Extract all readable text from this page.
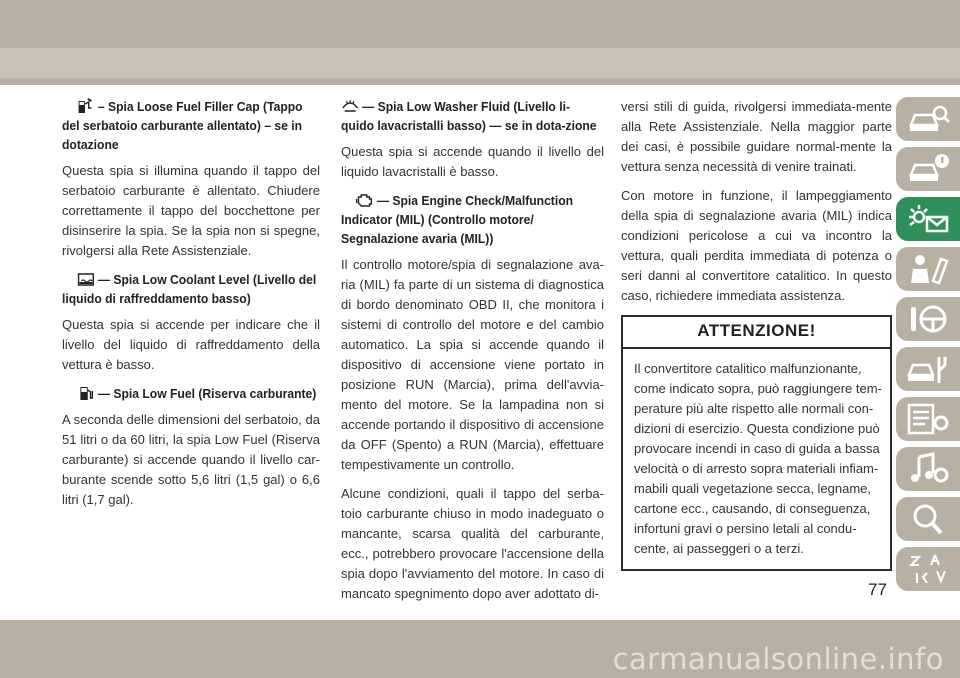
– Spia Loose Fuel Filler Cap (Tappo del serbatoio carburante allentato) – se in dotazione
Questa spia si illumina quando il tappo del serbatoio carburante è allentato. Chiudere correttamente il tappo del bocchettone per disinserire la spia. Se la spia non si spegne, rivolgersi alla Rete Assistenziale.
— Spia Low Coolant Level (Livello del liquido di raffreddamento basso)
Questa spia si accende per indicare che il livello del liquido di raffreddamento della vettura è basso.
— Spia Low Fuel (Riserva carburante)
A seconda delle dimensioni del serbatoio, da 51 litri o da 60 litri, la spia Low Fuel (Riserva carburante) si accende quando il livello car-burante scende sotto 5,6 litri (1,5 gal) o 6,6 litri (1,7 gal).
— Spia Low Washer Fluid (Livello li-quido lavacristalli basso) — se in dota-zione
Questa spia si accende quando il livello del liquido lavacristalli è basso.
— Spia Engine Check/Malfunction Indicator (MIL) (Controllo motore/ Segnalazione avaria (MIL))
Il controllo motore/spia di segnalazione ava-ria (MIL) fa parte di un sistema di diagnostica di bordo denominato OBD II, che monitora i sistemi di controllo del motore e del cambio automatico. La spia si accende quando il dispositivo di accensione viene portato in posizione RUN (Marcia), prima dell'avvia-mento del motore. Se la lampadina non si accende portando il dispositivo di accensione da OFF (Spento) a RUN (Marcia), effettuare tempestivamente un controllo.
Alcune condizioni, quali il tappo del serba-toio carburante chiuso in modo inadeguato o mancante, scarsa qualità del carburante, ecc., potrebbero provocare l'accensione della spia dopo l'avviamento del motore. In caso di mancato spegnimento dopo aver adottato di-
versi stili di guida, rivolgersi immediata-mente alla Rete Assistenziale. Nella maggior parte dei casi, è possibile guidare normal-mente la vettura senza necessità di venire trainati.
Con motore in funzione, il lampeggiamento della spia di segnalazione avaria (MIL) indica condizioni pericolose a cui va incontro la vettura, quali perdita immediata di potenza o seri danni al convertitore catalitico. In questo caso, richiedere immediata assistenza.
ATTENZIONE!
Il convertitore catalitico malfunzionante, come indicato sopra, può raggiungere tem-perature più alte rispetto alle normali con-dizioni di esercizio. Questa condizione può provocare incendi in caso di guida a bassa velocità o di arresto sopra materiali infiam-mabili quali vegetazione secca, legname, cartone ecc., causando, di conseguenza, infortuni gravi o persino letali al condu-cente, ai passeggeri o a terzi.
77
carmanualsonline.info
